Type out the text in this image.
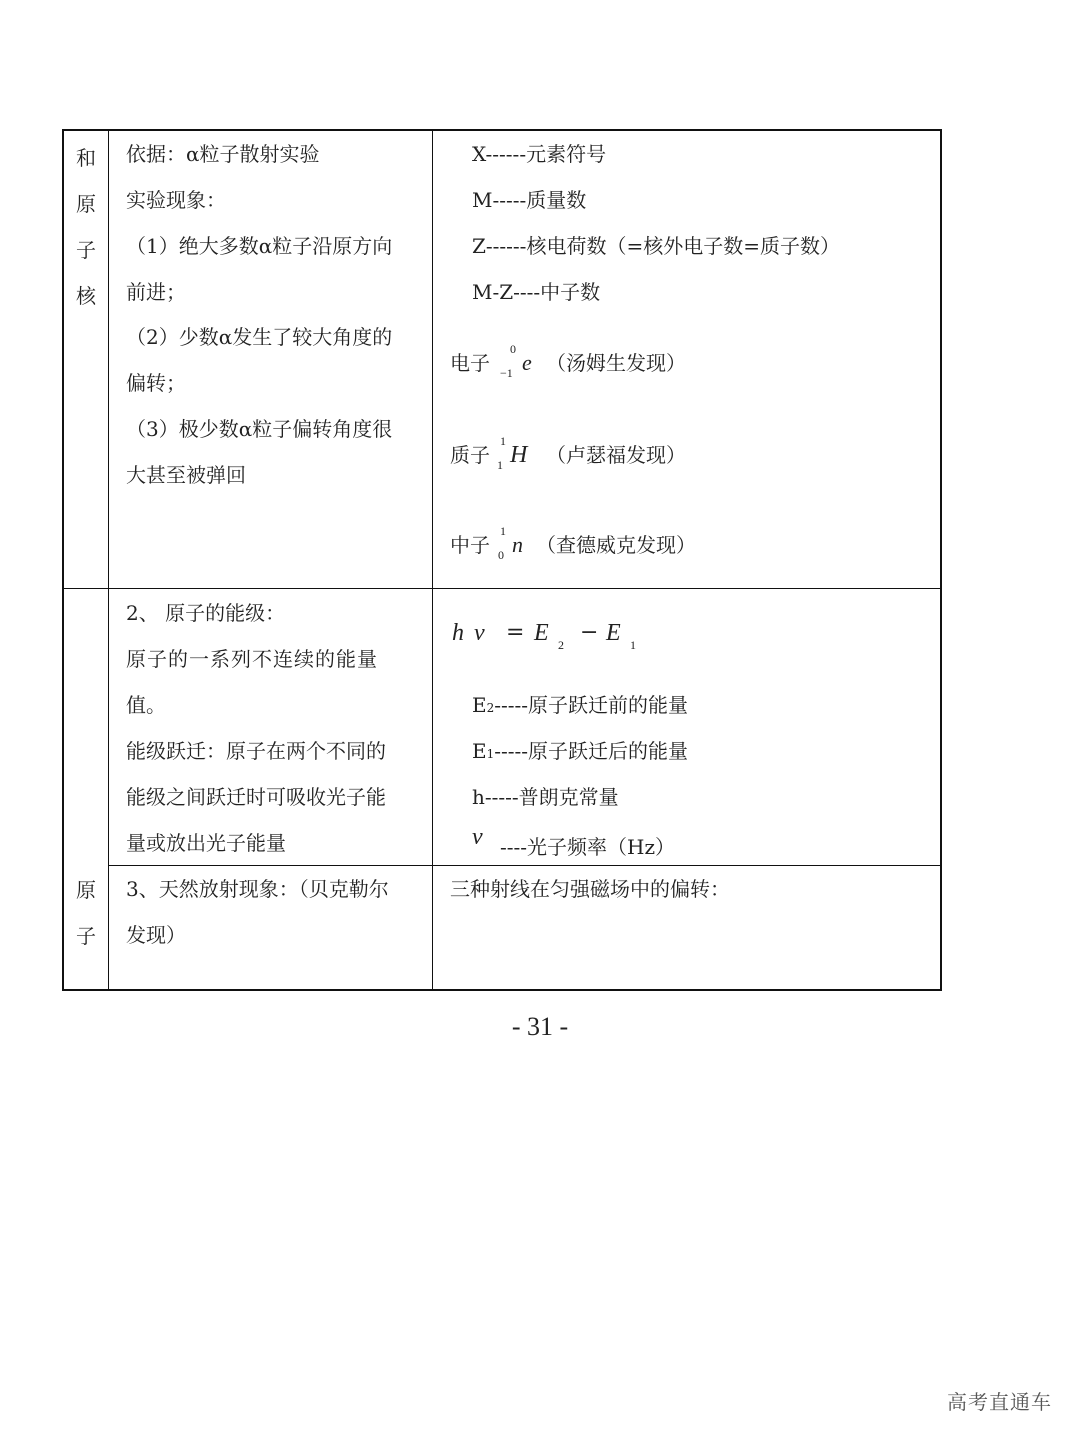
和
原
子
核
依据：α粒子散射实验
实验现象：
（1）绝大多数α粒子沿原方向
前进；
（2）少数α发生了较大角度的
偏转；
（3）极少数α粒子偏转角度很
大甚至被弹回
X------元素符号
M-----质量数
Z------核电荷数（=核外电子数=质子数）
M-Z----中子数
电子
0
−1 e （汤姆生发现）
质子
1
1 H （卢瑟福发现）
中子
1
0 n （查德威克发现）
2、 原子的能级：
原子的一系列不连续的能量
值。
能级跃迁：原子在两个不同的
能级之间跃迁时可吸收光子能
量或放出光子能量
h ν = E 2 − E 1
E2-----原子跃迁前的能量
E1-----原子跃迁后的能量
h-----普朗克常量
ν ----光子频率（Hz）
原
子
3、天然放射现象：（贝克勒尔
发现）
三种射线在匀强磁场中的偏转：
- 31 -
高考直通车
